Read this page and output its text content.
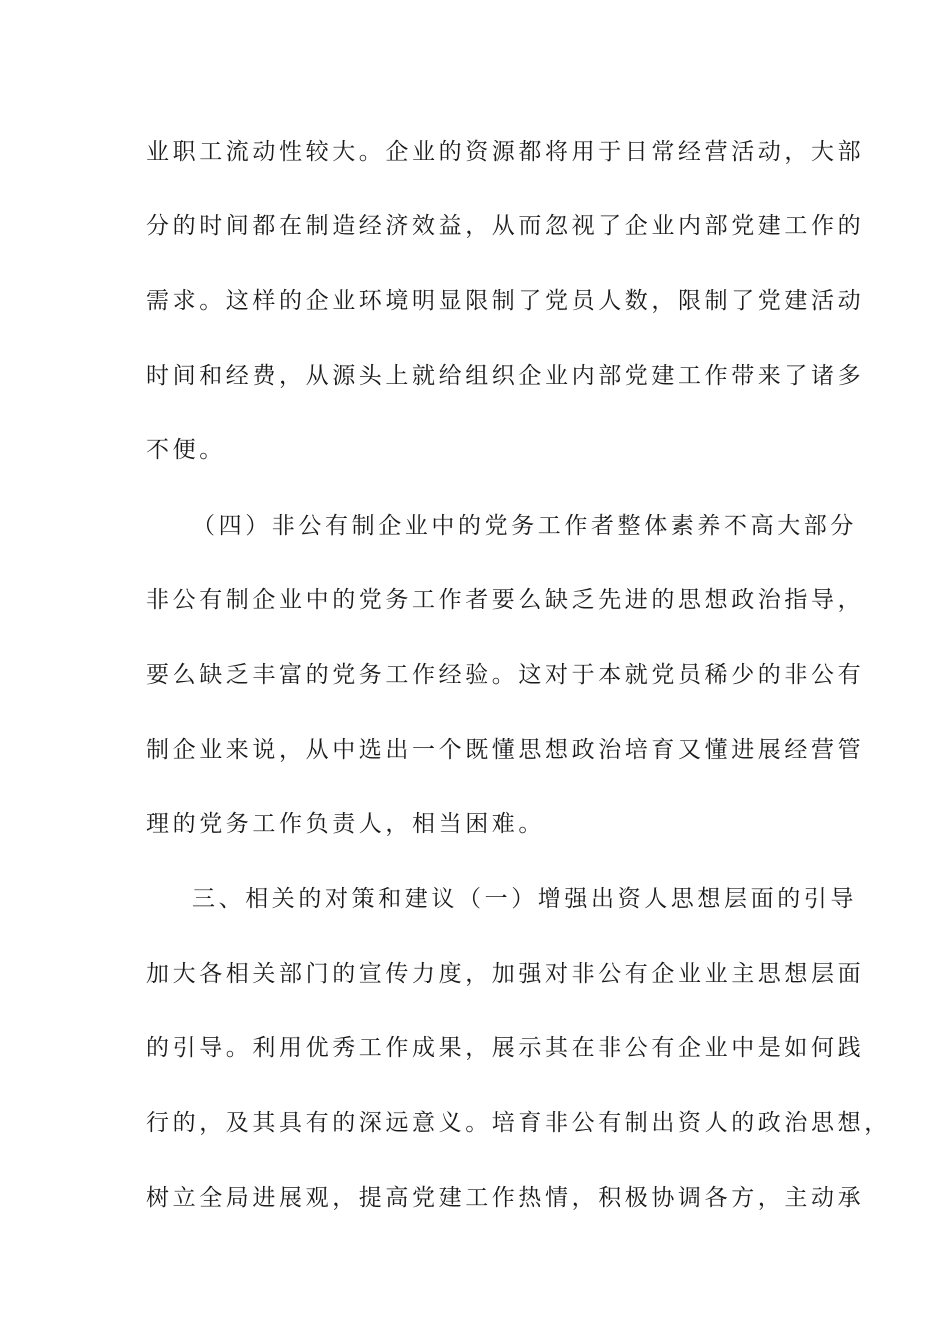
业职工流动性较大。企业的资源都将用于日常经营活动，大部
分的时间都在制造经济效益，从而忽视了企业内部党建工作的
需求。这样的企业环境明显限制了党员人数，限制了党建活动
时间和经费，从源头上就给组织企业内部党建工作带来了诸多
不便。
（四）非公有制企业中的党务工作者整体素养不高大部分
非公有制企业中的党务工作者要么缺乏先进的思想政治指导，
要么缺乏丰富的党务工作经验。这对于本就党员稀少的非公有
制企业来说，从中选出一个既懂思想政治培育又懂进展经营管
理的党务工作负责人，相当困难。
三、相关的对策和建议（一）增强出资人思想层面的引导
加大各相关部门的宣传力度，加强对非公有企业业主思想层面
的引导。利用优秀工作成果，展示其在非公有企业中是如何践
行的，及其具有的深远意义。培育非公有制出资人的政治思想，
树立全局进展观，提高党建工作热情，积极协调各方，主动承
